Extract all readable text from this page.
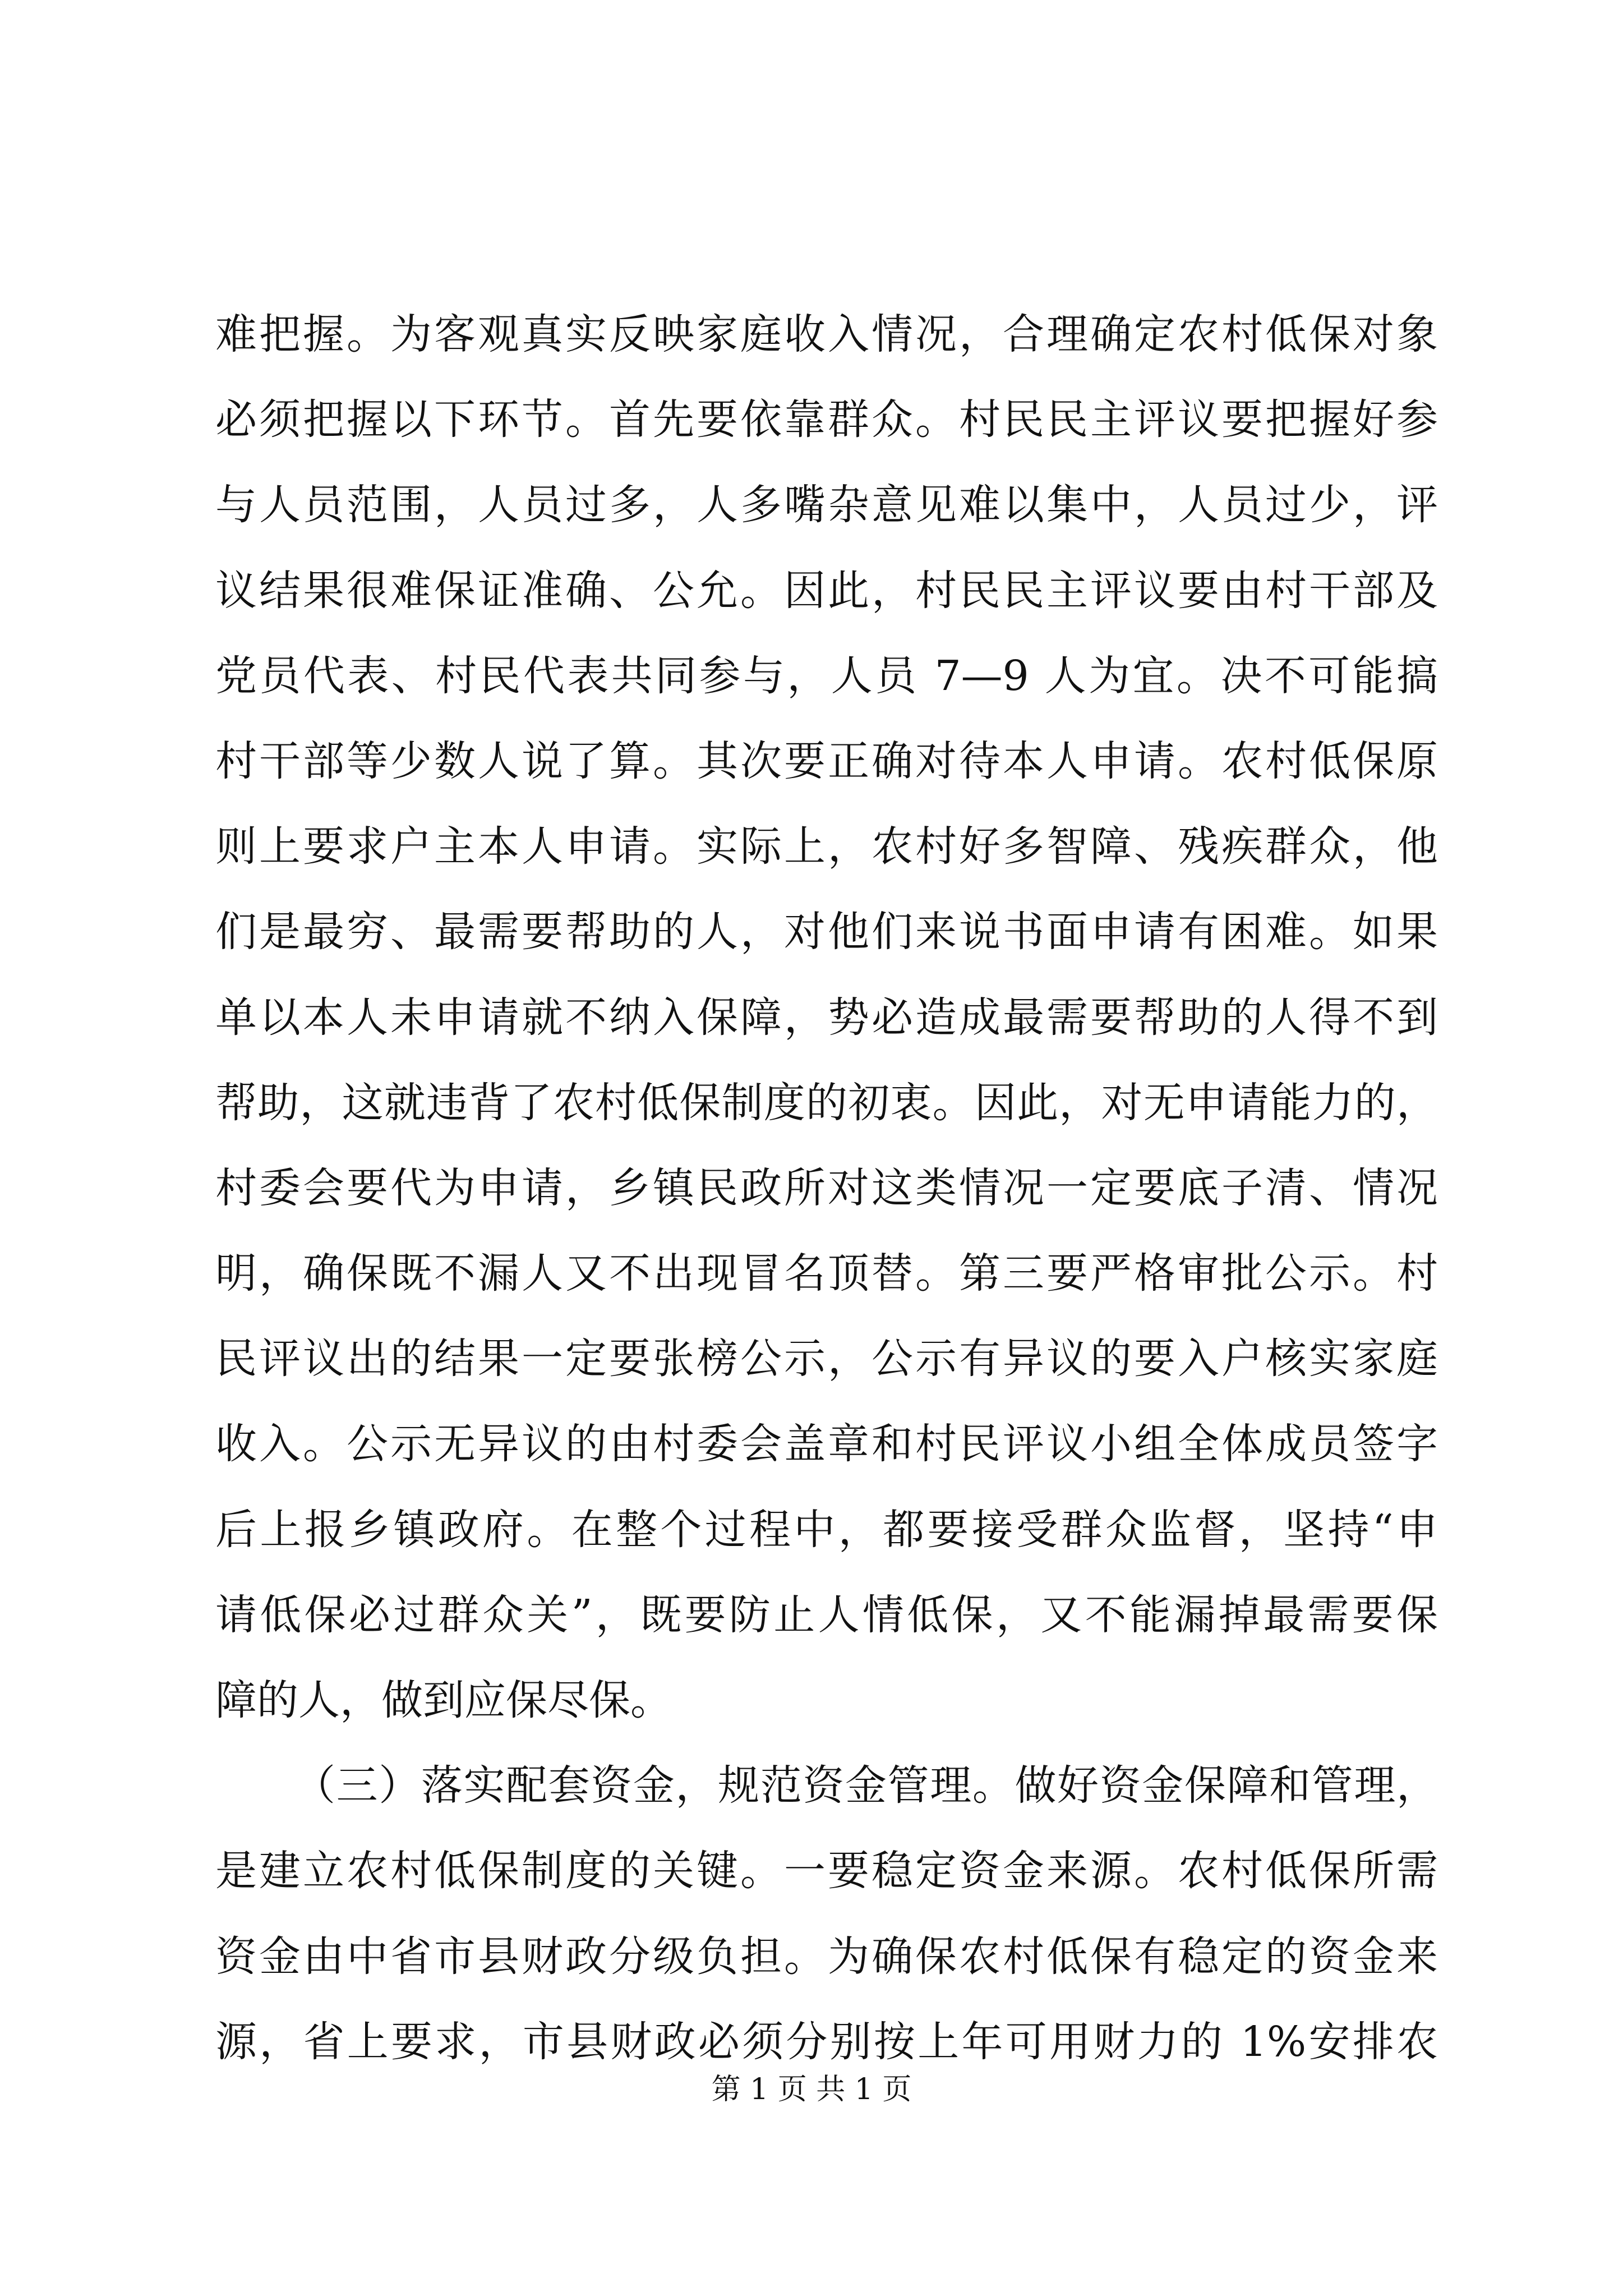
难把握。为客观真实反映家庭收入情况，合理确定农村低保对象
必须把握以下环节。首先要依靠群众。村民民主评议要把握好参
与人员范围，人员过多，人多嘴杂意见难以集中，人员过少，评
议结果很难保证准确、公允。因此，村民民主评议要由村干部及
党员代表、村民代表共同参与，人员 7—9 人为宜。决不可能搞
村干部等少数人说了算。其次要正确对待本人申请。农村低保原
则上要求户主本人申请。实际上，农村好多智障、残疾群众，他
们是最穷、最需要帮助的人，对他们来说书面申请有困难。如果
单以本人未申请就不纳入保障，势必造成最需要帮助的人得不到
帮助，这就违背了农村低保制度的初衷。因此，对无申请能力的，
村委会要代为申请，乡镇民政所对这类情况一定要底子清、情况
明，确保既不漏人又不出现冒名顶替。第三要严格审批公示。村
民评议出的结果一定要张榜公示，公示有异议的要入户核实家庭
收入。公示无异议的由村委会盖章和村民评议小组全体成员签字
后上报乡镇政府。在整个过程中，都要接受群众监督，坚持“申
请低保必过群众关”，既要防止人情低保，又不能漏掉最需要保
障的人，做到应保尽保。
（三）落实配套资金，规范资金管理。做好资金保障和管理，
是建立农村低保制度的关键。一要稳定资金来源。农村低保所需
资金由中省市县财政分级负担。为确保农村低保有稳定的资金来
源，省上要求，市县财政必须分别按上年可用财力的 1%安排农
第 1 页 共 1 页
